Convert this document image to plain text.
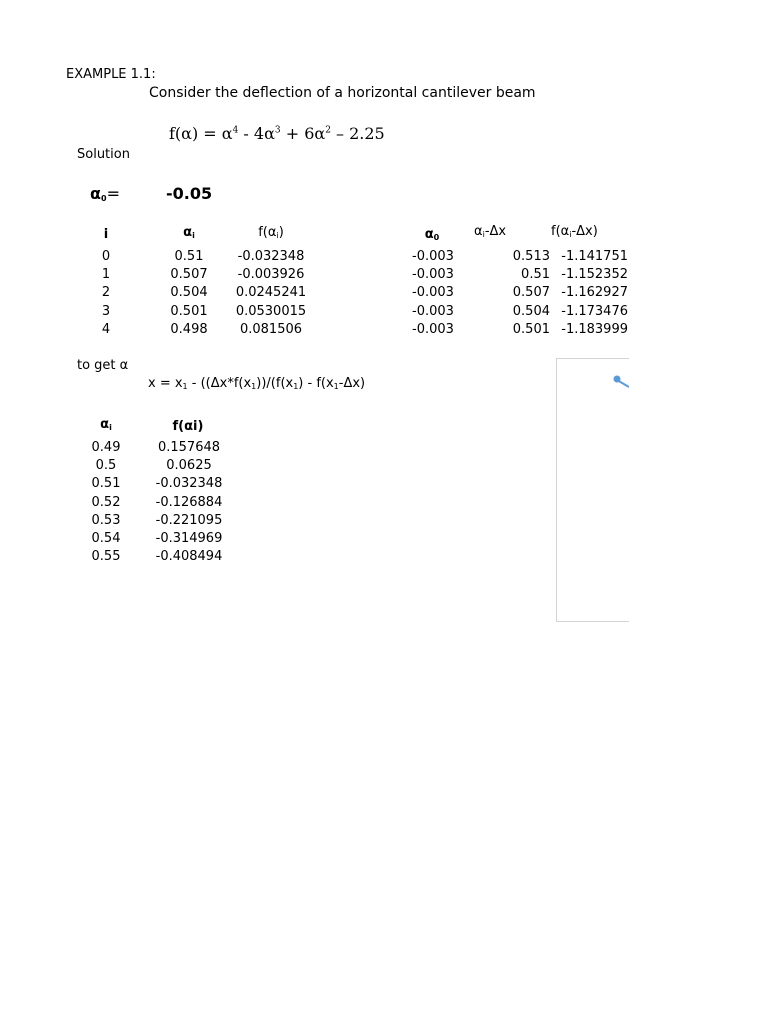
EXAMPLE 1.1:
Consider the deflection of a horizontal cantilever beam
$f(\alpha) = \alpha^4 - 4\alpha^3 + 6\alpha^2 - 2.25$
Solution
$\alpha_0=$	-0.05
i	$\alpha_i$	$f(\alpha_i)$	$\alpha_0$	$\alpha_i-\Delta x$	$f(\alpha_i-\Delta x)$
0	0.51	-0.032348	-0.003	0.513 -1.141751
1	0.507	-0.003926	-0.003	0.51 -1.152352
2	0.504	0.0245241	-0.003	0.507 -1.162927
3	0.501	0.0530015	-0.003	0.504 -1.173476
4	0.498	0.081506	-0.003	0.501 -1.183999
to get α
$x = x_1 - ((\Delta x*f(x_1))/(f(x_1) - f(x_1-\Delta x)$
$\alpha_i$	f(αi)
0.49	0.157648
0.5	0.0625
0.51	-0.032348
0.52	-0.126884
0.53	-0.221095
0.54	-0.314969
0.55	-0.408494
